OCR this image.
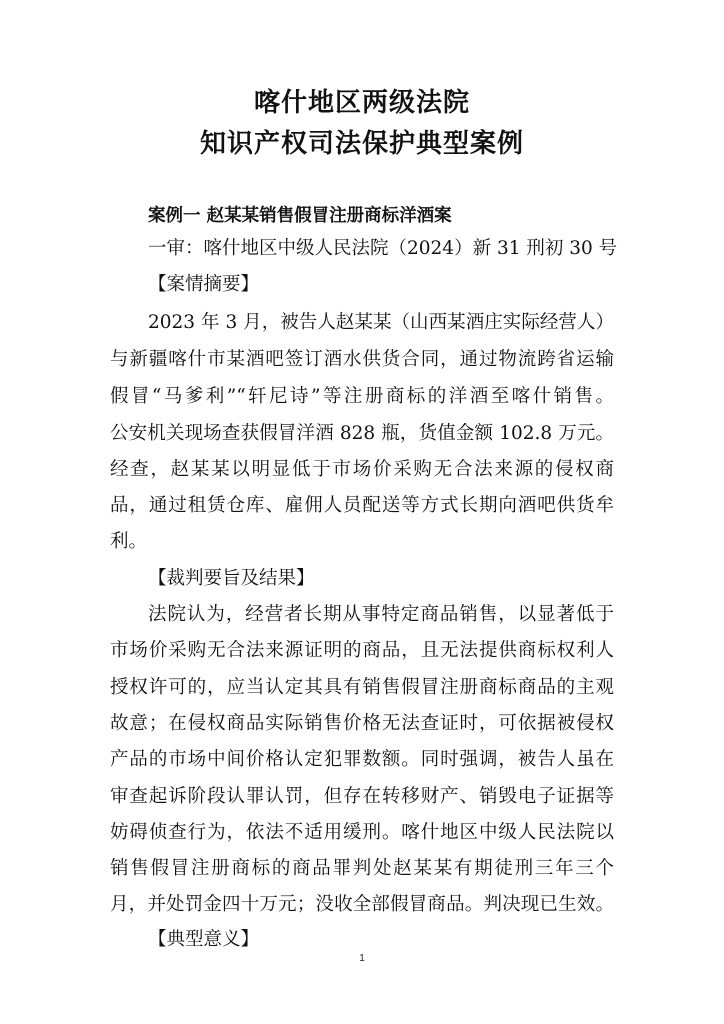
喀什地区两级法院
知识产权司法保护典型案例
案例一 赵某某销售假冒注册商标洋酒案
一审：喀什地区中级人民法院（2024）新 31 刑初 30 号
【案情摘要】
2023 年 3 月，被告人赵某某（山西某酒庄实际经营人）
与新疆喀什市某酒吧签订酒水供货合同，通过物流跨省运输
假冒“马爹利”“轩尼诗”等注册商标的洋酒至喀什销售。
公安机关现场查获假冒洋酒 828 瓶，货值金额 102.8 万元。
经查，赵某某以明显低于市场价采购无合法来源的侵权商
品，通过租赁仓库、雇佣人员配送等方式长期向酒吧供货牟
利。
【裁判要旨及结果】
法院认为，经营者长期从事特定商品销售，以显著低于
市场价采购无合法来源证明的商品，且无法提供商标权利人
授权许可的，应当认定其具有销售假冒注册商标商品的主观
故意；在侵权商品实际销售价格无法查证时，可依据被侵权
产品的市场中间价格认定犯罪数额。同时强调，被告人虽在
审查起诉阶段认罪认罚，但存在转移财产、销毁电子证据等
妨碍侦查行为，依法不适用缓刑。喀什地区中级人民法院以
销售假冒注册商标的商品罪判处赵某某有期徒刑三年三个
月，并处罚金四十万元；没收全部假冒商品。判决现已生效。
【典型意义】
1
